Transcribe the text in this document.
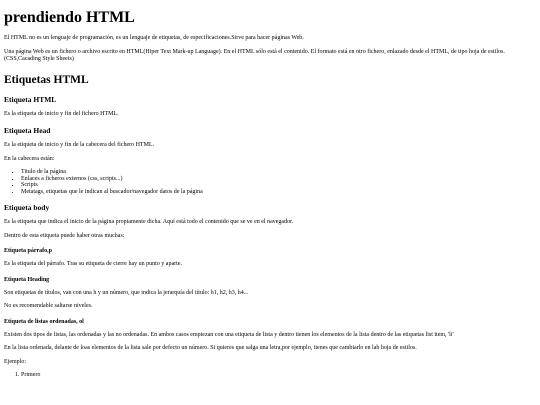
prendiendo HTML

El HTML no es un lenguaje de programación, es un lenguaje de etiquetas, de especificaciones.Sirve para hacer páginas Web.

Una página Web es un fichero o archivo escrito en HTML(Hiper Text Mark-up Language). En el HTML sólo está el contenido. El formato está en otro fichero, enlazado desde el HTML, de tipo hoja de estilos.(CSS,Cacading Style Sheets)

Etiquetas HTML
Etiqueta HTML

Es la etiqueta de inicio y fin del fichero HTML.

Etiqueta Head

Es la etiqueta de inicio y fin de la cabecera del fichero HTML.

En la cabecera están:

• Titulo de la página
• Enlaces a ficheros externos (css, scripts...)
• Scripts
• Metatags, etiquetas que le indican al buscador/navegador datos de la página
Etiqueta body

Es la etiqueta que indica el inicio de la página propiamente dicha. Aquí está todo el contenido que se ve en el navegador.

Dentro de esta etiqueta puede haber otras muchas:

Etiqueta párrafo,p

Es la etiqueta del párrafo. Tras su etiqueta de cierre hay un punto y aparte.

Etiqueta Heading

Son etiquetas de títulos, van con una h y un número, que indica la jerarquía del título: h1, h2, h3, h4...

No es recomendable saltarse niveles.

Etiqueta de listas ordenadas, ol

Existen dos tipos de listas, las ordenadas y las no ordenadas. En ambos casos empiezan con una etiqueta de lista y dentro tienen los elementos de la lista dentro de las etiquetas list item, 'li'

En la lista ordenada, delante de loas elementos de la lista sale por defecto un número. Si quieres que salga una letra,por ejemplo, tienes que cambiarlo en lab hoja de estilos.

Ejemplo:

1. Primero
